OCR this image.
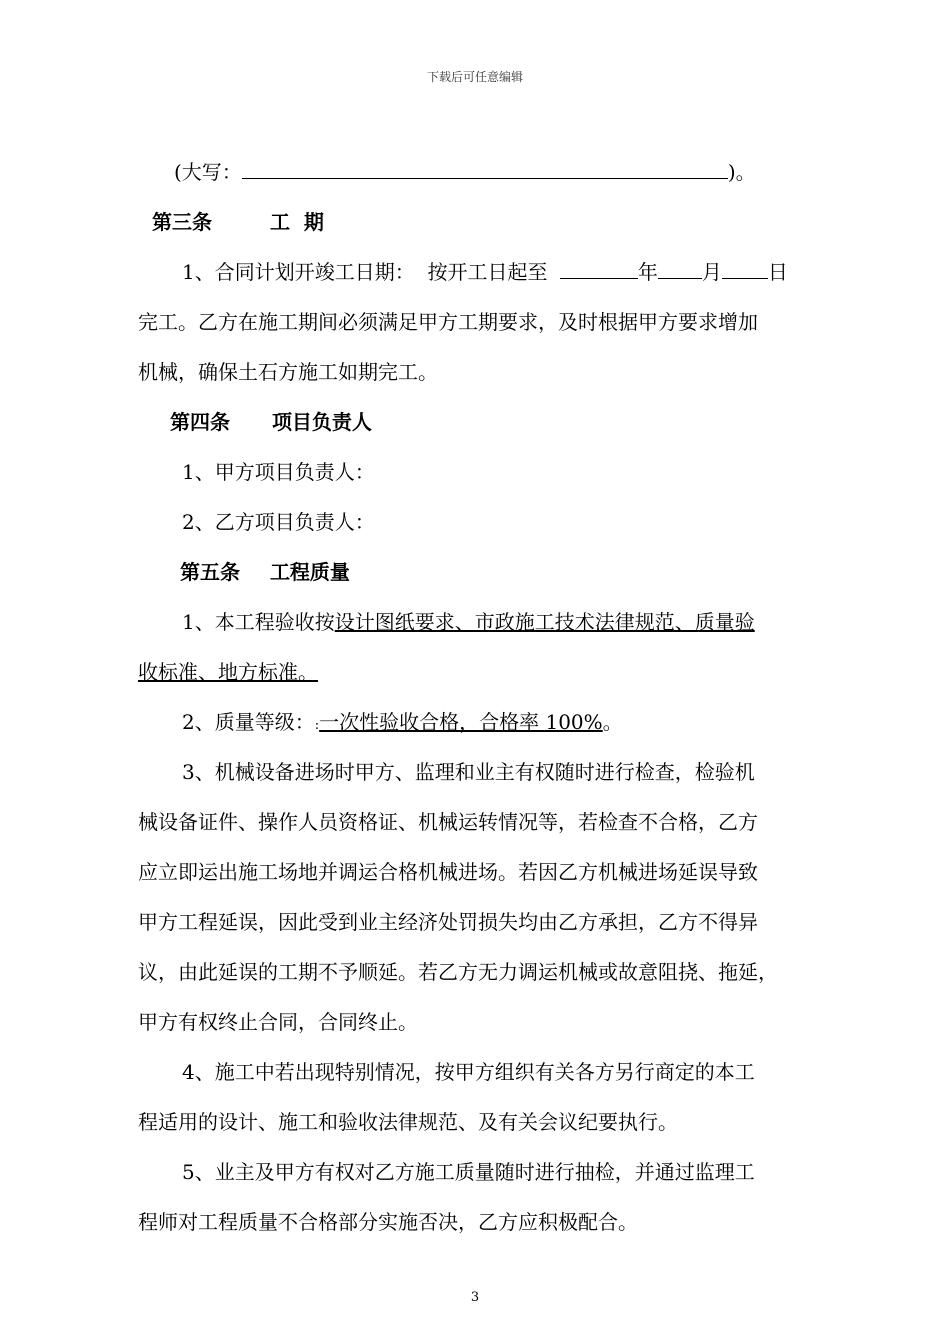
下载后可任意编辑
(大写：	)。
第三条	工  期
1、合同计划开竣工日期：  按开工日起至	年 月 日
完工。乙方在施工期间必须满足甲方工期要求，及时根据甲方要求增加
机械，确保土石方施工如期完工。
第四条 项目负责人
1、甲方项目负责人：
2、乙方项目负责人：
第五条 工程质量
1、本工程验收按设计图纸要求、市政施工技术法律规范、质量验
收标准、地方标准。
2、质量等级：:一次性验收合格，合格率 100%。
3、机械设备进场时甲方、监理和业主有权随时进行检查，检验机
械设备证件、操作人员资格证、机械运转情况等，若检查不合格，乙方
应立即运出施工场地并调运合格机械进场。若因乙方机械进场延误导致
甲方工程延误，因此受到业主经济处罚损失均由乙方承担，乙方不得异
议，由此延误的工期不予顺延。若乙方无力调运机械或故意阻挠、拖延，
甲方有权终止合同，合同终止。
4、施工中若出现特别情况，按甲方组织有关各方另行商定的本工
程适用的设计、施工和验收法律规范、及有关会议纪要执行。
5、业主及甲方有权对乙方施工质量随时进行抽检，并通过监理工
程师对工程质量不合格部分实施否决，乙方应积极配合。
3
